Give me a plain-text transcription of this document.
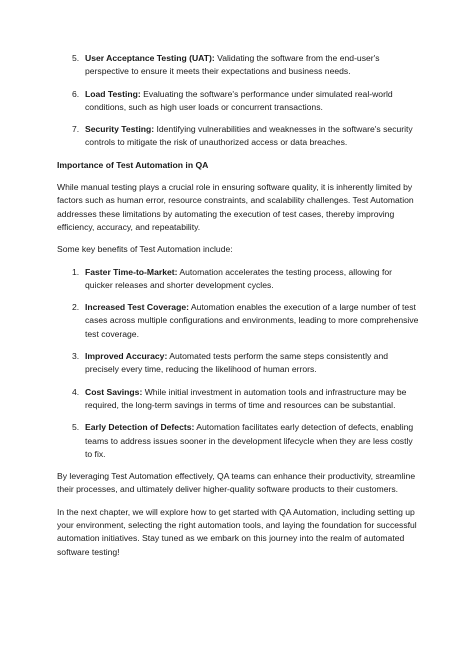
5. User Acceptance Testing (UAT): Validating the software from the end-user's perspective to ensure it meets their expectations and business needs.
6. Load Testing: Evaluating the software's performance under simulated real-world conditions, such as high user loads or concurrent transactions.
7. Security Testing: Identifying vulnerabilities and weaknesses in the software's security controls to mitigate the risk of unauthorized access or data breaches.
Importance of Test Automation in QA

While manual testing plays a crucial role in ensuring software quality, it is inherently limited by factors such as human error, resource constraints, and scalability challenges. Test Automation addresses these limitations by automating the execution of test cases, thereby improving efficiency, accuracy, and repeatability.

Some key benefits of Test Automation include:

1. Faster Time-to-Market: Automation accelerates the testing process, allowing for quicker releases and shorter development cycles.
2. Increased Test Coverage: Automation enables the execution of a large number of test cases across multiple configurations and environments, leading to more comprehensive test coverage.
3. Improved Accuracy: Automated tests perform the same steps consistently and precisely every time, reducing the likelihood of human errors.
4. Cost Savings: While initial investment in automation tools and infrastructure may be required, the long-term savings in terms of time and resources can be substantial.
5. Early Detection of Defects: Automation facilitates early detection of defects, enabling teams to address issues sooner in the development lifecycle when they are less costly to fix.

By leveraging Test Automation effectively, QA teams can enhance their productivity, streamline their processes, and ultimately deliver higher-quality software products to their customers.

In the next chapter, we will explore how to get started with QA Automation, including setting up your environment, selecting the right automation tools, and laying the foundation for successful automation initiatives. Stay tuned as we embark on this journey into the realm of automated software testing!
